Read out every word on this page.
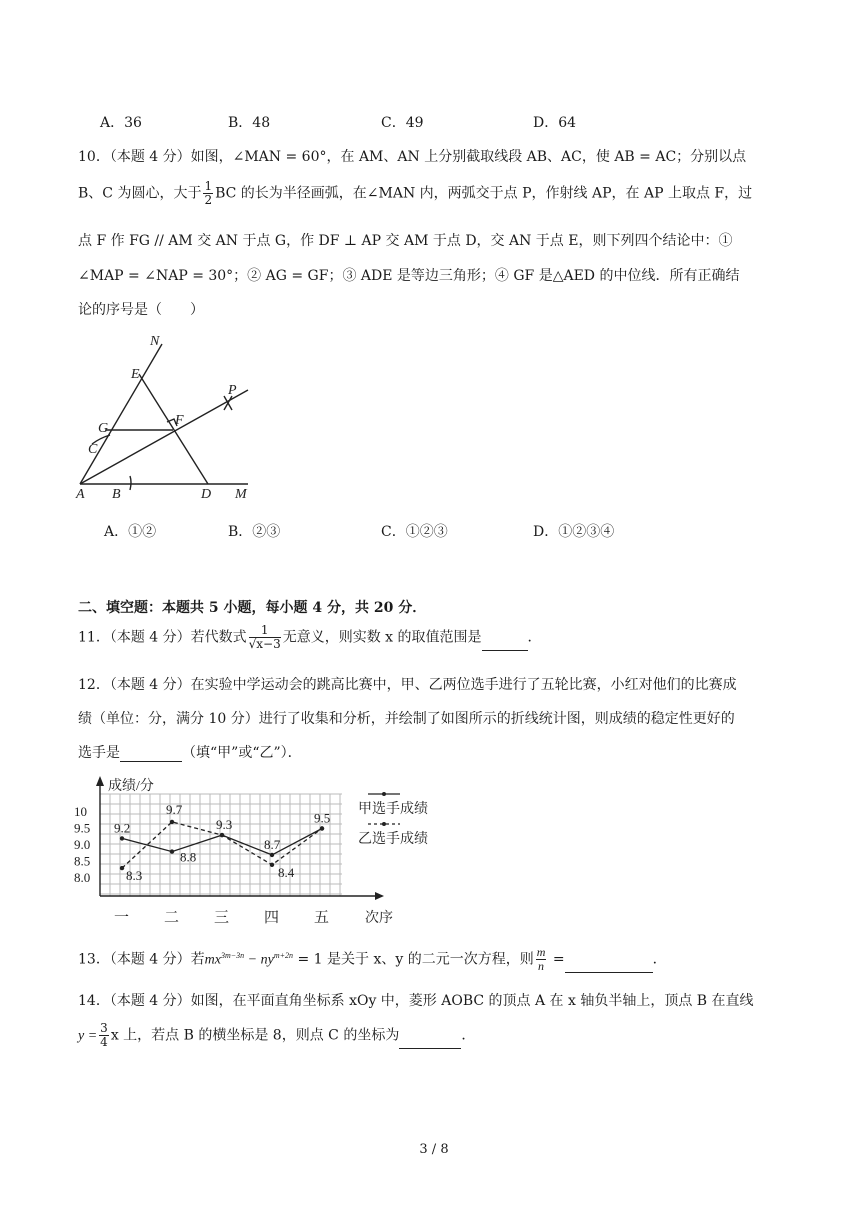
A．36	B．48	C．49	D．64
10．（本题 4 分）如图，∠MAN = 60°，在 AM、AN 上分别截取线段 AB、AC，使 AB = AC；分别以点
B、C 为圆心，大于 $\frac{1}{2}$ BC 的长为半径画弧，在∠MAN 内，两弧交于点 P，作射线 AP，在 AP 上取点 F，过
点 F 作 FG // AM 交 AN 于点 G，作 DF ⊥ AP 交 AM 于点 D，交 AN 于点 E，则下列四个结论中：①
∠MAP = ∠NAP = 30°；② AG = GF；③ ADE 是等边三角形；④ GF 是△AED 的中位线．所有正确结
论的序号是（　　）
N
E
P
G
F
C
A B	D M
A．①②	B．②③	C．①②③	D．①②③④
二、填空题：本题共 5 小题，每小题 4 分，共 20 分．
11．（本题 4 分）若代数式 $\frac{1}{√x-3}$ 无意义，则实数 x 的取值范围是	．
12．（本题 4 分）在实验中学运动会的跳高比赛中，甲、乙两位选手进行了五轮比赛，小红对他们的比赛成
绩（单位：分，满分 10 分）进行了收集和分析，并绘制了如图所示的折线统计图，则成绩的稳定性更好的
选手是	（填“甲”或“乙”）．
成绩/分
次序
10
9.5
9.0
8.5
8.0
一 二 三 四 五
9.2
8.8
9.3
8.7
9.5
8.3
9.7
8.4
甲选手成绩
乙选手成绩
13．（本题 4 分）若$mx^{3m-3n} - ny^{m+2n} = 1$ 是关于 x、y 的二元一次方程，则 $\frac{m}{n}$ =	．
14．（本题 4 分）如图，在平面直角坐标系 xOy 中，菱形 AOBC 的顶点 A 在 x 轴负半轴上，顶点 B 在直线
$y = \frac{3}{4}$ x 上，若点 B 的横坐标是 8，则点 C 的坐标为	．
3 / 8
